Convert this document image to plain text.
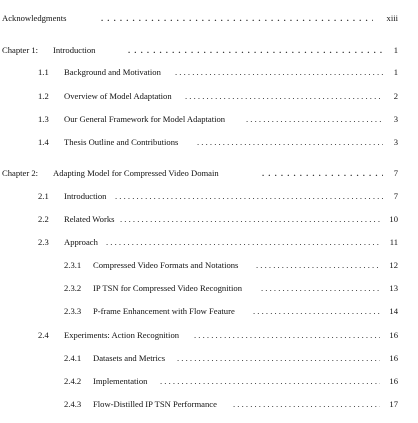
Acknowledgments . . .	xiii
Chapter 1: Introduction . . .	1
1.1 Background and Motivation . . .	1
1.2 Overview of Model Adaptation . . .	2
1.3 Our General Framework for Model Adaptation . . .	3
1.4 Thesis Outline and Contributions . . .	3
Chapter 2: Adapting Model for Compressed Video Domain . . .	7
2.1 Introduction . . .	7
2.2 Related Works . . .	10
2.3 Approach . . .	11
2.3.1 Compressed Video Formats and Notations . . .	12
2.3.2 IP TSN for Compressed Video Recognition . . .	13
2.3.3 P-frame Enhancement with Flow Feature . . .	14
2.4 Experiments: Action Recognition . . .	16
2.4.1 Datasets and Metrics . . .	16
2.4.2 Implementation . . .	16
2.4.3 Flow-Distilled IP TSN Performance . . .	17
